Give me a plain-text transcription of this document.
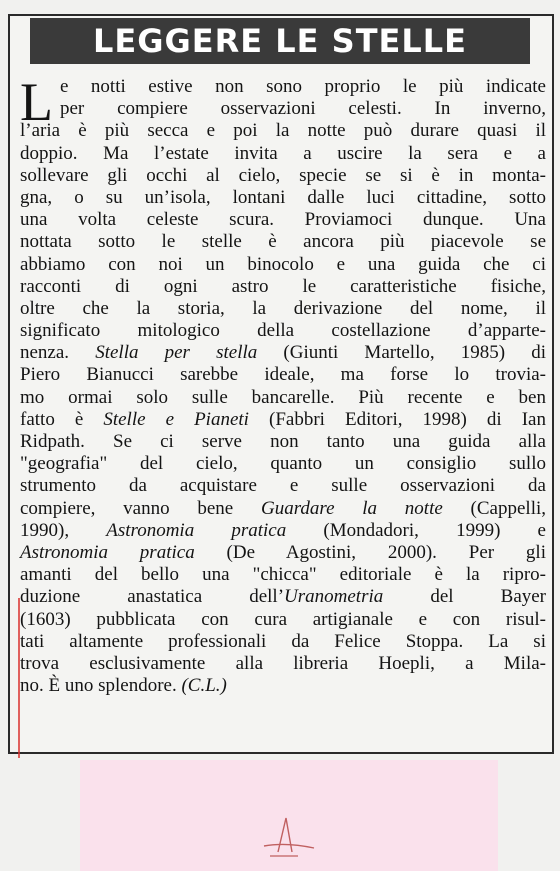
LEGGERE LE STELLE
L e notti estive non sono proprio le più indicate
per compiere osservazioni celesti. In inverno,
l’aria è più secca e poi la notte può durare quasi il
doppio. Ma l’estate invita a uscire la sera e a
sollevare gli occhi al cielo, specie se si è in monta-
gna, o su un’isola, lontani dalle luci cittadine, sotto
una volta celeste scura. Proviamoci dunque. Una
nottata sotto le stelle è ancora più piacevole se
abbiamo con noi un binocolo e una guida che ci
racconti di ogni astro le caratteristiche fisiche,
oltre che la storia, la derivazione del nome, il
significato mitologico della costellazione d’apparte-
nenza. Stella per stella (Giunti Martello, 1985) di
Piero Bianucci sarebbe ideale, ma forse lo trovia-
mo ormai solo sulle bancarelle. Più recente e ben
fatto è Stelle e Pianeti (Fabbri Editori, 1998) di Ian
Ridpath. Se ci serve non tanto una guida alla
"geografia" del cielo, quanto un consiglio sullo
strumento da acquistare e sulle osservazioni da
compiere, vanno bene Guardare la notte (Cappelli,
1990), Astronomia pratica (Mondadori, 1999) e
Astronomia pratica (De Agostini, 2000). Per gli
amanti del bello una "chicca" editoriale è la ripro-
duzione anastatica dell’Uranometria del Bayer
(1603) pubblicata con cura artigianale e con risul-
tati altamente professionali da Felice Stoppa. La si
trova esclusivamente alla libreria Hoepli, a Mila-
no. È uno splendore. (C.L.)
